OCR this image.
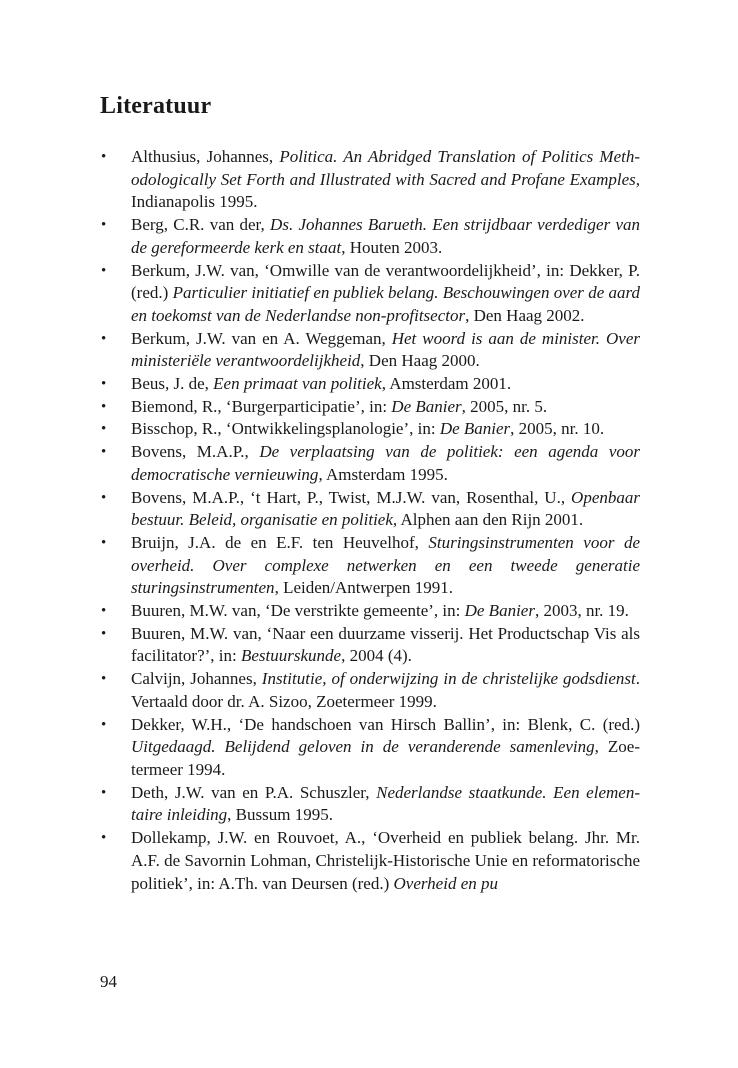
Literatuur
• Althusius, Johannes, Politica. An Abridged Translation of Politics Methodologically Set Forth and Illustrated with Sacred and Profane Examples, Indianapolis 1995.
• Berg, C.R. van der, Ds. Johannes Barueth. Een strijdbaar verdediger van de gereformeerde kerk en staat, Houten 2003.
• Berkum, J.W. van, ‘Omwille van de verantwoordelijkheid’, in: Dekker, P. (red.) Particulier initiatief en publiek belang. Beschouwingen over de aard en toekomst van de Nederlandse non-profitsector, Den Haag 2002.
• Berkum, J.W. van en A. Weggeman, Het woord is aan de minister. Over ministeriële verantwoordelijkheid, Den Haag 2000.
• Beus, J. de, Een primaat van politiek, Amsterdam 2001.
• Biemond, R., ‘Burgerparticipatie’, in: De Banier, 2005, nr. 5.
• Bisschop, R., ‘Ontwikkelingsplanologie’, in: De Banier, 2005, nr. 10.
• Bovens, M.A.P., De verplaatsing van de politiek: een agenda voor democratische vernieuwing, Amsterdam 1995.
• Bovens, M.A.P., ‘t Hart, P., Twist, M.J.W. van, Rosenthal, U., Openbaar bestuur. Beleid, organisatie en politiek, Alphen aan den Rijn 2001.
• Bruijn, J.A. de en E.F. ten Heuvelhof, Sturingsinstrumenten voor de overheid. Over complexe netwerken en een tweede generatie sturingsinstrumenten, Leiden/Antwerpen 1991.
• Buuren, M.W. van, ‘De verstrikte gemeente’, in: De Banier, 2003, nr. 19.
• Buuren, M.W. van, ‘Naar een duurzame visserij. Het Productschap Vis als facilitator?’, in: Bestuurskunde, 2004 (4).
• Calvijn, Johannes, Institutie, of onderwijzing in de christelijke godsdienst. Vertaald door dr. A. Sizoo, Zoetermeer 1999.
• Dekker, W.H., ‘De handschoen van Hirsch Ballin’, in: Blenk, C. (red.) Uitgedaagd. Belijdend geloven in de veranderende samenleving, Zoetermeer 1994.
• Deth, J.W. van en P.A. Schuszler, Nederlandse staatkunde. Een elementaire inleiding, Bussum 1995.
• Dollekamp, J.W. en Rouvoet, A., ‘Overheid en publiek belang. Jhr. Mr. A.F. de Savornin Lohman, Christelijk-Historische Unie en reformatorische politiek’, in: A.Th. van Deursen (red.) Overheid en pu
94
